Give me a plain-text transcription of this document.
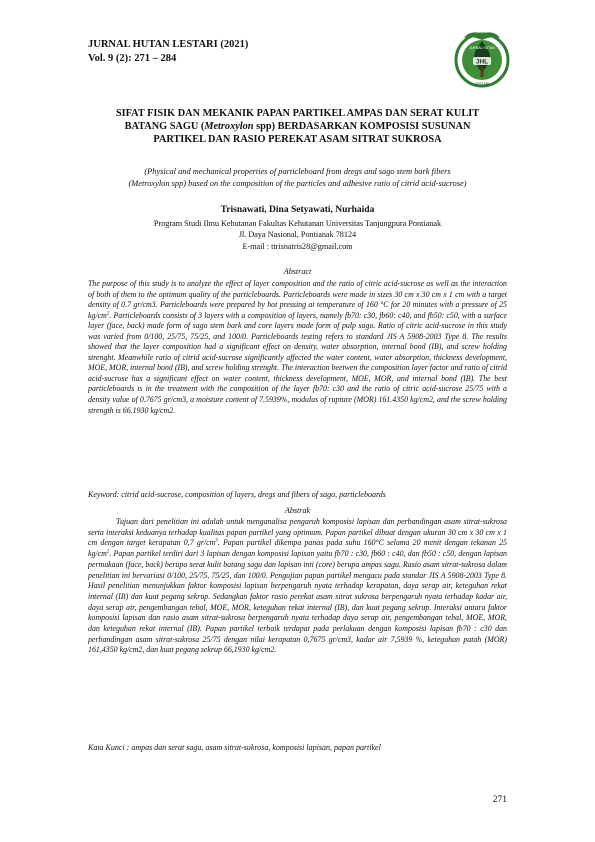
JURNAL HUTAN LESTARI (2021)
Vol. 9 (2): 271 – 284	JHL
LESTARI
JURNAL HUTAN
SIFAT FISIK DAN MEKANIK PAPAN PARTIKEL AMPAS DAN SERAT KULIT
BATANG SAGU (Metroxylon spp) BERDASARKAN KOMPOSISI SUSUNAN
PARTIKEL DAN RASIO PEREKAT ASAM SITRAT SUKROSA
(Physical and mechanical properties of particleboard from dregs and sago stem bark fibers
(Metroxylon spp) based on the composition of the particles and adhesive ratio of citrid acid-sucrose)
Trisnawati, Dina Setyawati, Nurhaida
Program Studi Ilmu Kehutanan Fakultas Kehutanan Universitas Tanjungpura Pontianak
Jl. Daya Nasional, Pontianak 78124
E-mail : ttrisnatris28@gmail.com
Abstract

The purpose of this study is to analyze the effect of layer composition and the ratio of citric acid-sucrose as well as the interaction of both of them to the optimum quality of the particleboards. Particleboards were made in sizes 30 cm x 30 cm x 1 cm with a target density of 0.7 gr/cm3. Particleboards were prepared by hot pressing at temperature of 160 °C for 20 minutes with a pressure of 25 $kg/cm^2$. Particleboards consists of 3 layers with a composition of layers, namely fb70: c30, fb60: c40, and fb50: c50, with a surface layer (face, back) made form of sago stem bark and core layers made form of pulp sago. Ratio of citric acid-sucrose in this study was varied from 0/100, 25/75, 75/25, and 100/0. Particleboards testing refers to standard JIS A 5908-2003 Type 8. The results showed that the layer composition had a significant effect on density, water absorption, internal bond (IB), and screw holding strenght. Meanwhile ratio of citrid acid-sucrose significantly affected the water content, water absorption, thickness development, MOE, MOR, internal bond (IB), and screw holding strenght. The interaction beetwen the composition layer factor and ratio of citrid acid-sucrose has a significant effect on water content, thickness development, MOE, MOR, and internal bond (IB). The best particleboards is in the treatment with the composition of the layer fb70: c30 and the ratio of citric acid-sucrose 25/75 with a density value of 0.7675 gr/cm3, a moisture content of 7.5939%, modulus of rupture (MOR) 161.4350 kg/cm2, and the screw holding strength is 66.1930 kg/cm2.

Keyword: citrid acid-sucrose, composition of layers, dregs and fibers of sago, particleboards
Abstrak

Tujuan dari penelitian ini adalah untuk menganalisa pengaruh komposisi lapisan dan perbandingan asam sitrat-sukrosa serta interaksi keduanya terhadap kualitas papan partikel yang optimum. Papan partikel dibuat dengan ukuran 30 cm x 30 cm x 1 cm dengan target kerapatan 0,7 $gr/cm^3$. Papan partikel dikempa panas pada suhu 160°C selama 20 menit dengan tekanan 25 $kg/cm^2$. Papan partikel terdiri dari 3 lapisan dengan komposisi lapisan yaitu fb70 : c30, fb60 : c40, dan fb50 : c50, dengan lapisan permukaan (face, back) berupa serat kulit batang sagu dan lapisan inti (core) berupa ampas sagu. Rasio asam sitrat-sukrosa dalam penelitian ini bervariasi 0/100, 25/75, 75/25, dan 100/0. Pengujian papan partikel mengacu pada standar JIS A 5908-2003 Type 8. Hasil penelitian menunjukkan faktor komposisi lapisan berpengaruh nyata terhadap kerapatan, daya serap air, keteguhan rekat internal (IB) dan kuat pegang sekrup. Sedangkan faktor rasio perekat asam sitrat sukrosa berpengaruh nyata terhadap kadar air, daya serap air, pengembangan tebal, MOE, MOR, keteguhan rekat internal (IB), dan kuat pegang sekrup. Interaksi antara faktor komposisi lapisan dan rasio asam sitrat-sukrosa berpengaruh nyata terhadap daya serap air, pengembangan tebal, MOE, MOR, dan keteguhan rekat internal (IB). Papan partikel terbaik terdapat pada perlakuan dengan komposisi lapisan fb70 : c30 dan perbandingan asam sitrat-sukrosa 25/75 dengan nilai kerapatan 0,7675 gr/cm3, kadar air 7,5939 %, keteguhan patah (MOR) 161,4350 kg/cm2, dan kuat pegang sekrup 66,1930 kg/cm2.

Kata Kunci : ampas dan serat sagu, asam sitrat-sukrosa, komposisi lapisan, papan partikel
271
